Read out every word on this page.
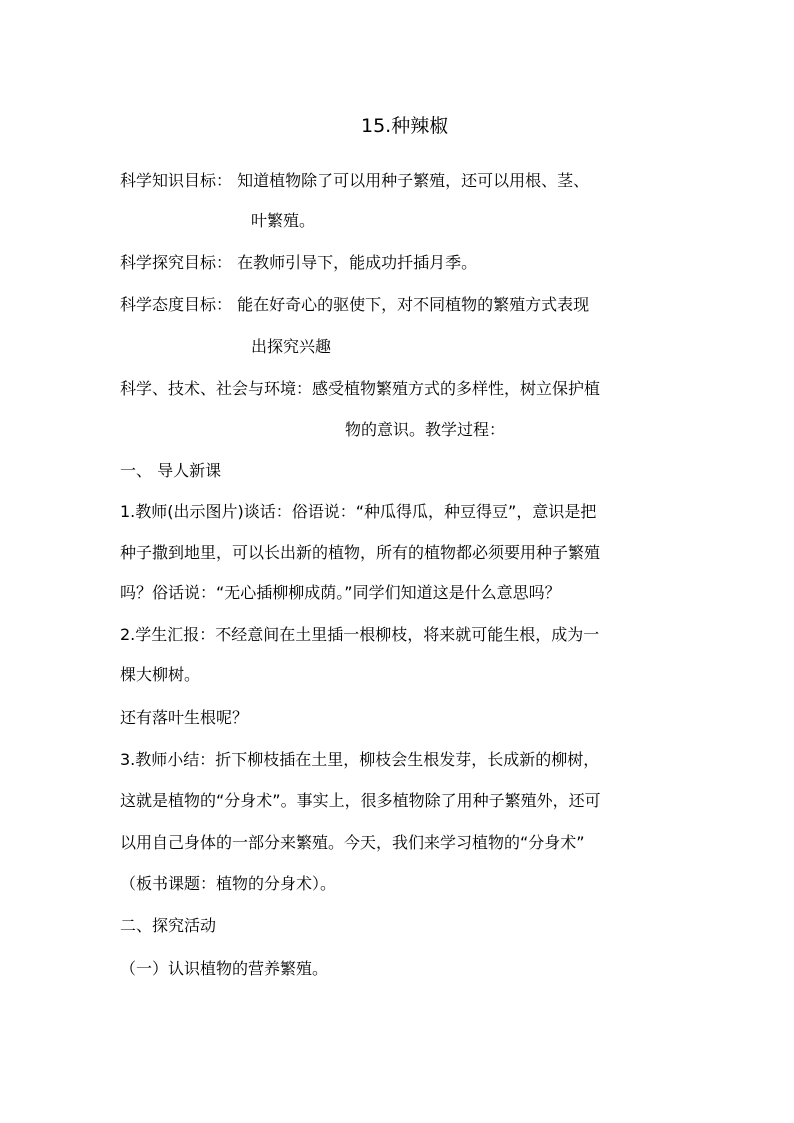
15.种辣椒
科学知识目标： 知道植物除了可以用种子繁殖，还可以用根、茎、
叶繁殖。
科学探究目标： 在教师引导下，能成功扦插月季。
科学态度目标： 能在好奇心的驱使下，对不同植物的繁殖方式表现
出探究兴趣
科学、技术、社会与环境：感受植物繁殖方式的多样性，树立保护植
物的意识。教学过程：
一、 导人新课
1.教师(出示图片)谈话：俗语说：“种瓜得瓜，种豆得豆”，意识是把
种子撒到地里，可以长出新的植物，所有的植物都必须要用种子繁殖
吗？俗话说：“无心插柳柳成荫。”同学们知道这是什么意思吗？
2.学生汇报：不经意间在土里插一根柳枝，将来就可能生根，成为一
棵大柳树。
还有落叶生根呢？
3.教师小结：折下柳枝插在土里，柳枝会生根发芽，长成新的柳树，
这就是植物的“分身术”。事实上，很多植物除了用种子繁殖外，还可
以用自己身体的一部分来繁殖。今天，我们来学习植物的“分身术”
（板书课题：植物的分身术）。
二、探究活动
（一）认识植物的营养繁殖。
